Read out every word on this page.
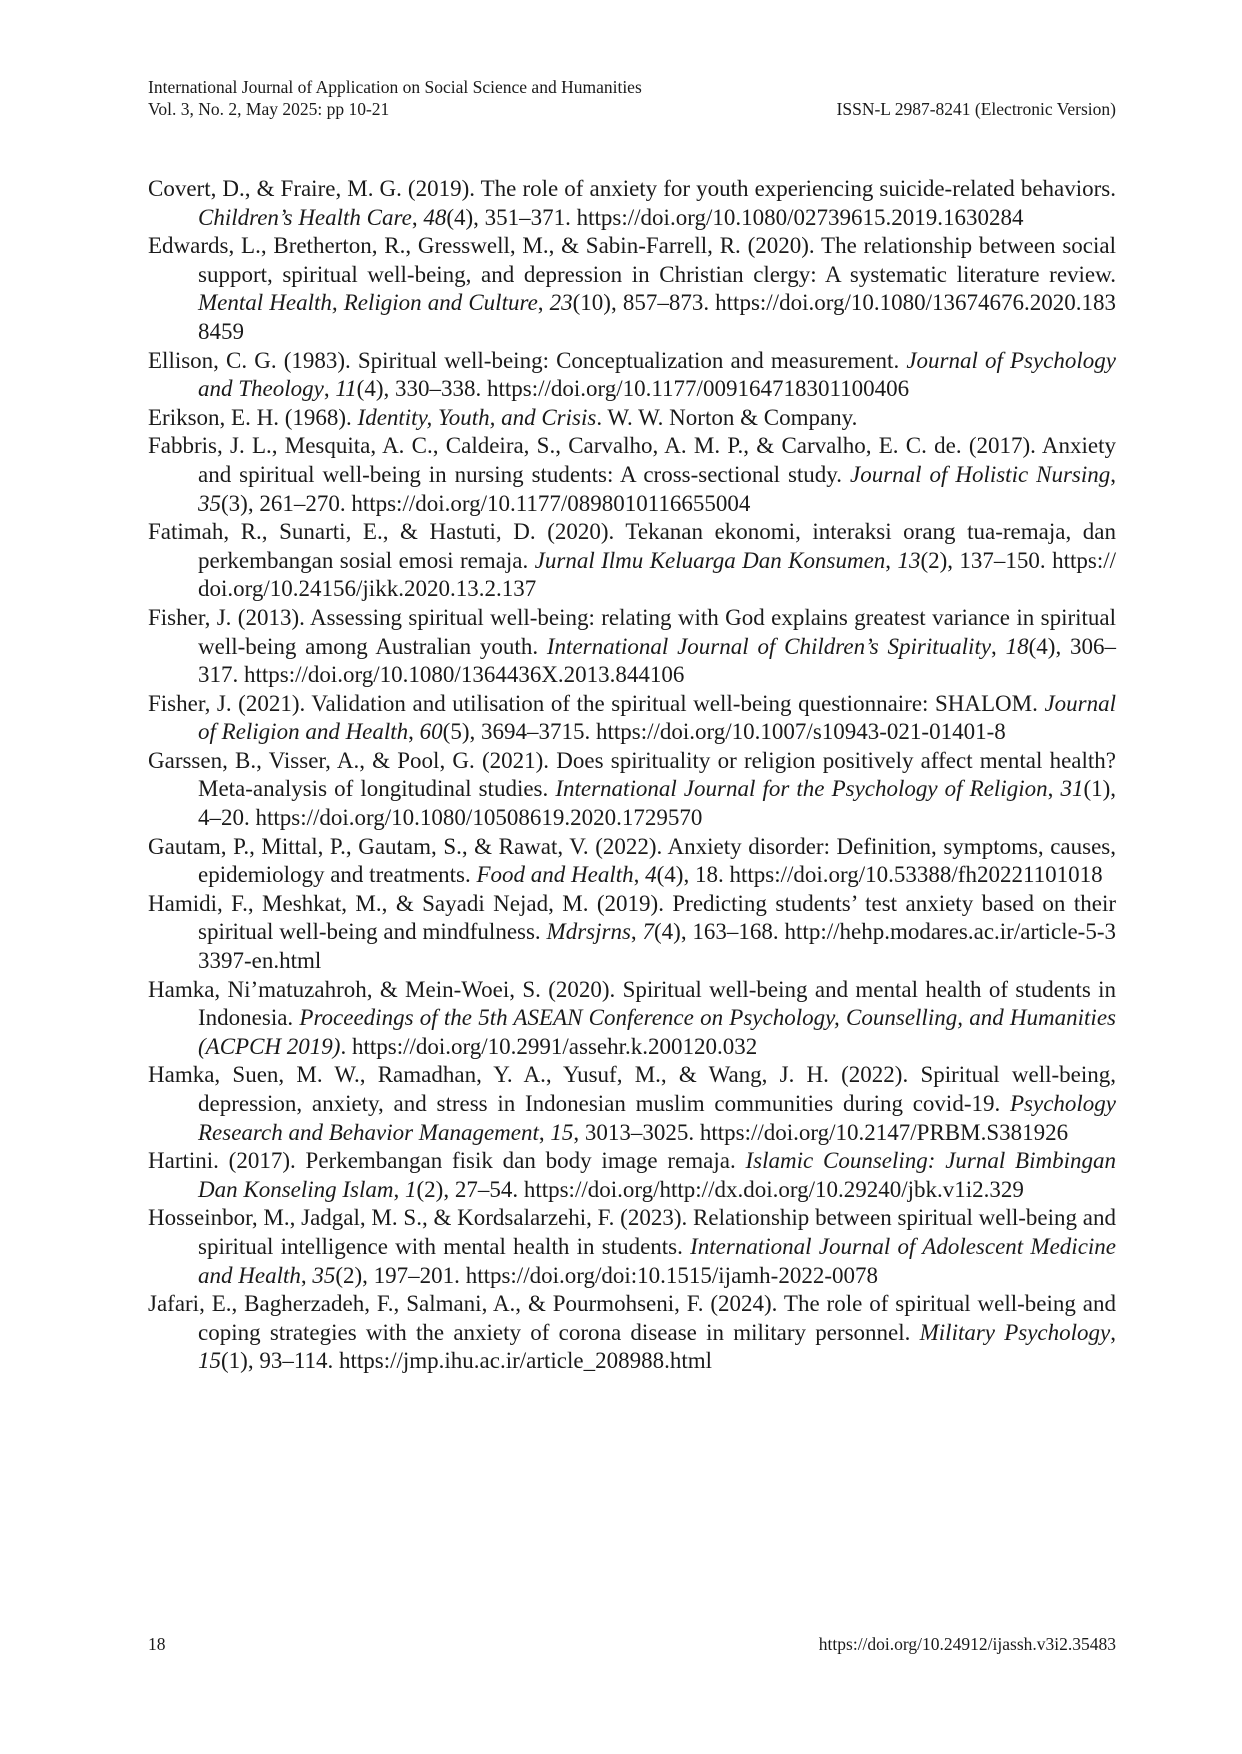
International Journal of Application on Social Science and Humanities
Vol. 3, No. 2, May 2025: pp 10-21	ISSN-L 2987-8241 (Electronic Version)

Covert, D., & Fraire, M. G. (2019). The role of anxiety for youth experiencing suicide-related behaviors. Children’s Health Care, 48(4), 351–371. https://doi.org/10.1080/02739615.2019.1630284

Edwards, L., Bretherton, R., Gresswell, M., & Sabin-Farrell, R. (2020). The relationship between social support, spiritual well-being, and depression in Christian clergy: A systematic literature review. Mental Health, Religion and Culture, 23(10), 857–873. https://doi.org/10.1080/13674676.2020.1838459

Ellison, C. G. (1983). Spiritual well-being: Conceptualization and measurement. Journal of Psychology and Theology, 11(4), 330–338. https://doi.org/10.1177/009164718301100406

Erikson, E. H. (1968). Identity, Youth, and Crisis. W. W. Norton & Company.

Fabbris, J. L., Mesquita, A. C., Caldeira, S., Carvalho, A. M. P., & Carvalho, E. C. de. (2017). Anxiety and spiritual well-being in nursing students: A cross-sectional study. Journal of Holistic Nursing, 35(3), 261–270. https://doi.org/10.1177/0898010116655004

Fatimah, R., Sunarti, E., & Hastuti, D. (2020). Tekanan ekonomi, interaksi orang tua-remaja, dan perkembangan sosial emosi remaja. Jurnal Ilmu Keluarga Dan Konsumen, 13(2), 137–150. https://doi.org/10.24156/jikk.2020.13.2.137

Fisher, J. (2013). Assessing spiritual well-being: relating with God explains greatest variance in spiritual well-being among Australian youth. International Journal of Children’s Spirituality, 18(4), 306–317. https://doi.org/10.1080/1364436X.2013.844106

Fisher, J. (2021). Validation and utilisation of the spiritual well-being questionnaire: SHALOM. Journal of Religion and Health, 60(5), 3694–3715. https://doi.org/10.1007/s10943-021-01401-8

Garssen, B., Visser, A., & Pool, G. (2021). Does spirituality or religion positively affect mental health? Meta-analysis of longitudinal studies. International Journal for the Psychology of Religion, 31(1), 4–20. https://doi.org/10.1080/10508619.2020.1729570

Gautam, P., Mittal, P., Gautam, S., & Rawat, V. (2022). Anxiety disorder: Definition, symptoms, causes, epidemiology and treatments. Food and Health, 4(4), 18. https://doi.org/10.53388/fh20221101018

Hamidi, F., Meshkat, M., & Sayadi Nejad, M. (2019). Predicting students’ test anxiety based on their spiritual well-being and mindfulness. Mdrsjrns, 7(4), 163–168. http://hehp.modares.ac.ir/article-5-33397-en.html

Hamka, Ni’matuzahroh, & Mein-Woei, S. (2020). Spiritual well-being and mental health of students in Indonesia. Proceedings of the 5th ASEAN Conference on Psychology, Counselling, and Humanities (ACPCH 2019). https://doi.org/10.2991/assehr.k.200120.032

Hamka, Suen, M. W., Ramadhan, Y. A., Yusuf, M., & Wang, J. H. (2022). Spiritual well-being, depression, anxiety, and stress in Indonesian muslim communities during covid-19. Psychology Research and Behavior Management, 15, 3013–3025. https://doi.org/10.2147/PRBM.S381926

Hartini. (2017). Perkembangan fisik dan body image remaja. Islamic Counseling: Jurnal Bimbingan Dan Konseling Islam, 1(2), 27–54. https://doi.org/http://dx.doi.org/10.29240/jbk.v1i2.329

Hosseinbor, M., Jadgal, M. S., & Kordsalarzehi, F. (2023). Relationship between spiritual well-being and spiritual intelligence with mental health in students. International Journal of Adolescent Medicine and Health, 35(2), 197–201. https://doi.org/doi:10.1515/ijamh-2022-0078

Jafari, E., Bagherzadeh, F., Salmani, A., & Pourmohseni, F. (2024). The role of spiritual well-being and coping strategies with the anxiety of corona disease in military personnel. Military Psychology, 15(1), 93–114. https://jmp.ihu.ac.ir/article_208988.html

18	https://doi.org/10.24912/ijassh.v3i2.35483
